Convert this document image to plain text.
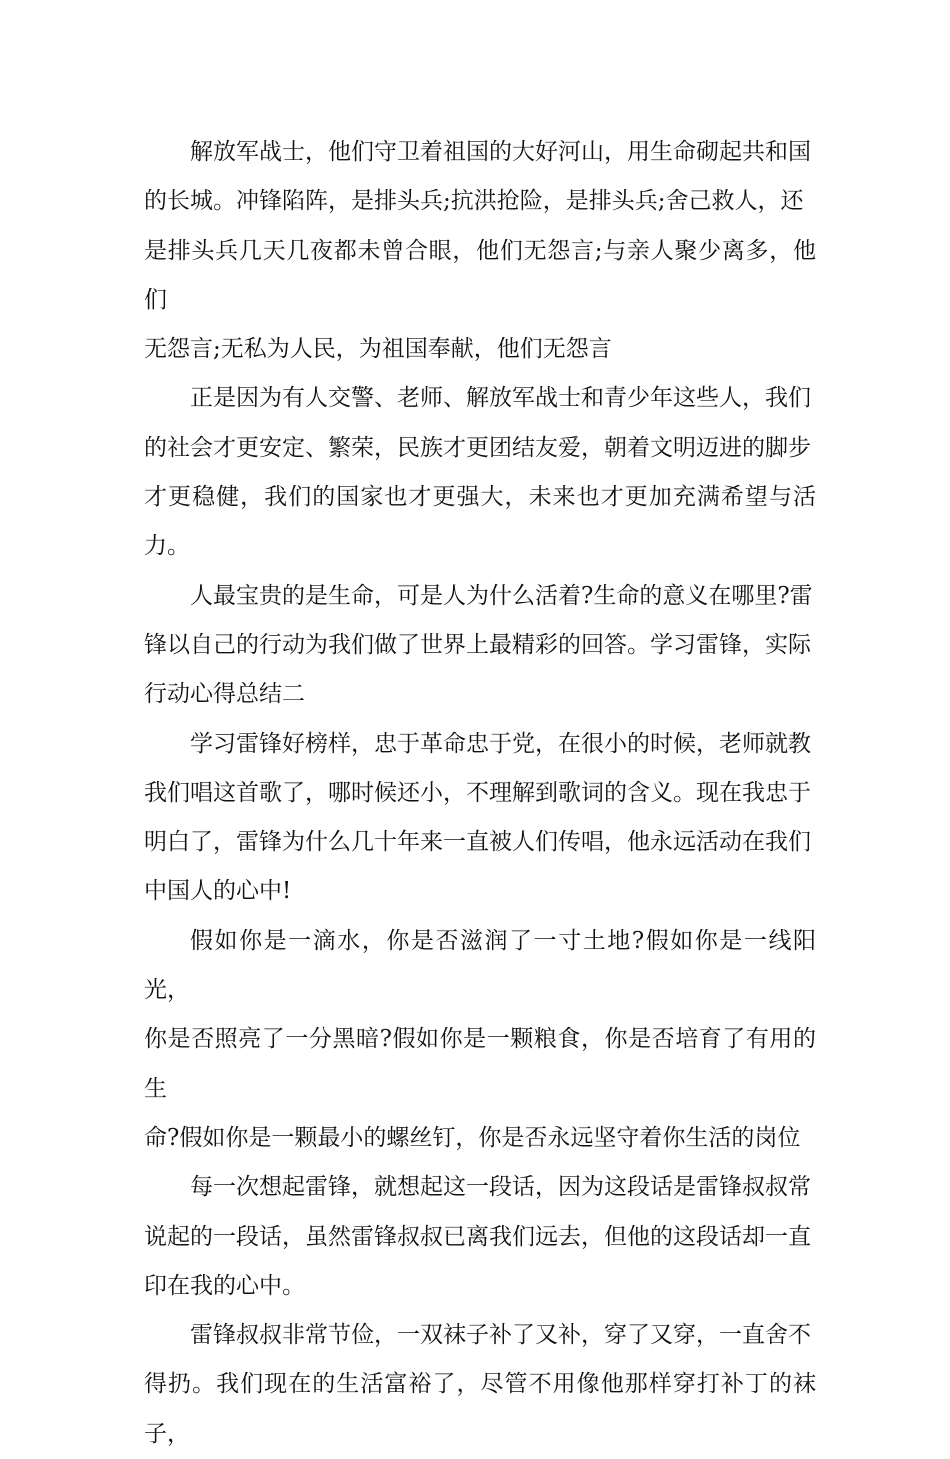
解放军战士，他们守卫着祖国的大好河山，用生命砌起共和国
的长城。冲锋陷阵，是排头兵;抗洪抢险，是排头兵;舍己救人，还
是排头兵几天几夜都未曾合眼，他们无怨言;与亲人聚少离多，他们
无怨言;无私为人民，为祖国奉献，他们无怨言

正是因为有人交警、老师、解放军战士和青少年这些人，我们
的社会才更安定、繁荣，民族才更团结友爱，朝着文明迈进的脚步
才更稳健，我们的国家也才更强大，未来也才更加充满希望与活力。

人最宝贵的是生命，可是人为什么活着?生命的意义在哪里?雷
锋以自己的行动为我们做了世界上最精彩的回答。学习雷锋，实际
行动心得总结二

学习雷锋好榜样，忠于革命忠于党，在很小的时候，老师就教
我们唱这首歌了，哪时候还小，不理解到歌词的含义。现在我忠于
明白了，雷锋为什么几十年来一直被人们传唱，他永远活动在我们
中国人的心中!

假如你是一滴水，你是否滋润了一寸土地?假如你是一线阳光，
你是否照亮了一分黑暗?假如你是一颗粮食，你是否培育了有用的生
命?假如你是一颗最小的螺丝钉，你是否永远坚守着你生活的岗位

每一次想起雷锋，就想起这一段话，因为这段话是雷锋叔叔常
说起的一段话，虽然雷锋叔叔已离我们远去，但他的这段话却一直
印在我的心中。

雷锋叔叔非常节俭，一双袜子补了又补，穿了又穿，一直舍不
得扔。我们现在的生活富裕了，尽管不用像他那样穿打补丁的袜子，
